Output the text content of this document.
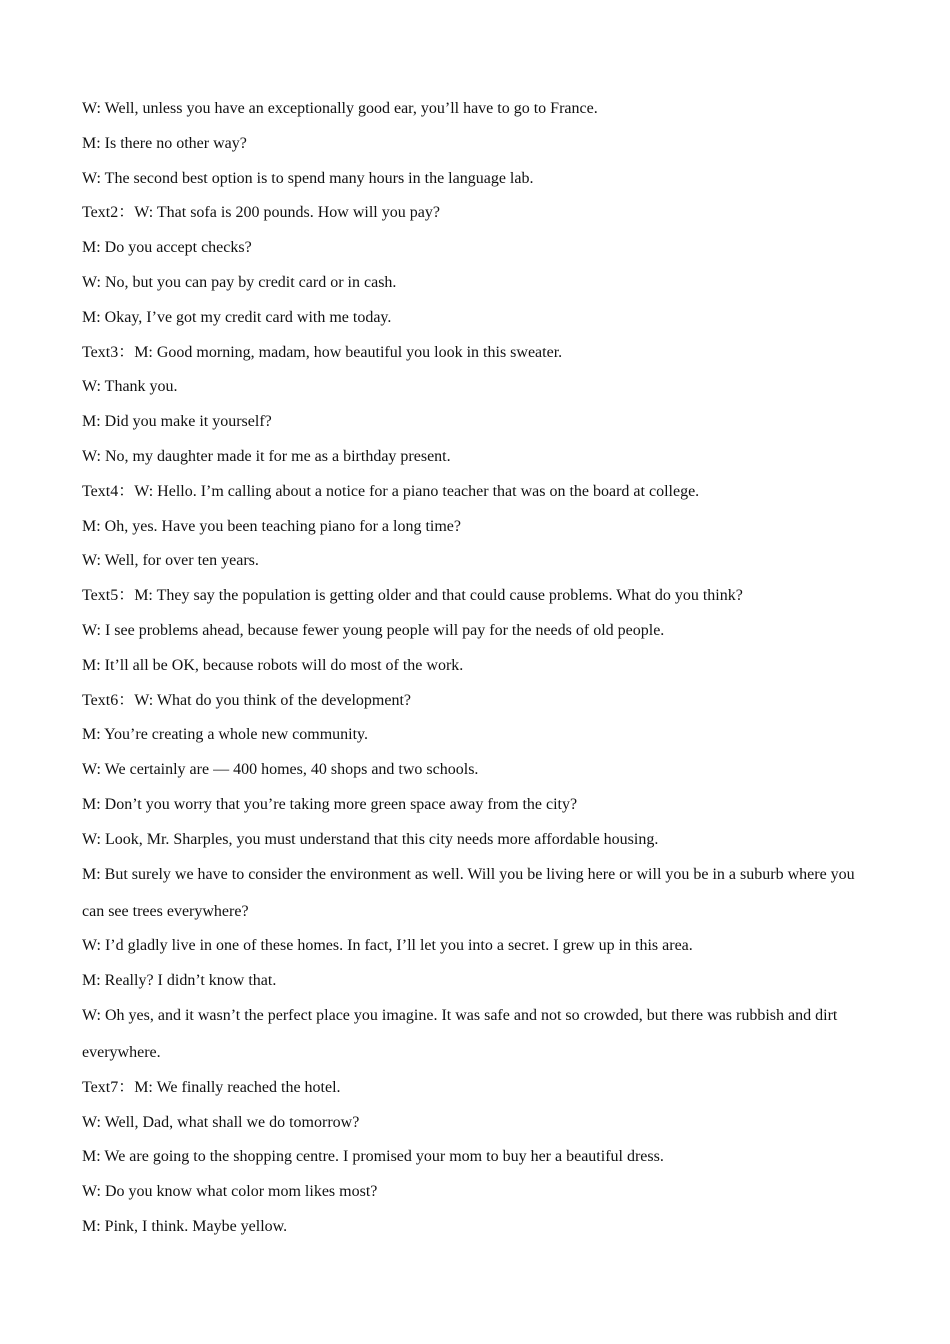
W: Well, unless you have an exceptionally good ear, you’ll have to go to France.

M: Is there no other way?

W: The second best option is to spend many hours in the language lab.

Text2：W: That sofa is 200 pounds. How will you pay?

M: Do you accept checks?

W: No, but you can pay by credit card or in cash.

M: Okay, I’ve got my credit card with me today.

Text3：M: Good morning, madam, how beautiful you look in this sweater.

W: Thank you.

M: Did you make it yourself?

W: No, my daughter made it for me as a birthday present.

Text4：W: Hello. I’m calling about a notice for a piano teacher that was on the board at college.

M: Oh, yes. Have you been teaching piano for a long time?

W: Well, for over ten years.

Text5：M: They say the population is getting older and that could cause problems. What do you think?

W: I see problems ahead, because fewer young people will pay for the needs of old people.

M: It’ll all be OK, because robots will do most of the work.

Text6：W: What do you think of the development?

M: You’re creating a whole new community.

W: We certainly are — 400 homes, 40 shops and two schools.

M: Don’t you worry that you’re taking more green space away from the city?

W: Look, Mr. Sharples, you must understand that this city needs more affordable housing.

M: But surely we have to consider the environment as well. Will you be living here or will you be in a suburb where you can see trees everywhere?

W: I’d gladly live in one of these homes. In fact, I’ll let you into a secret. I grew up in this area.

M: Really? I didn’t know that.

W: Oh yes, and it wasn’t the perfect place you imagine. It was safe and not so crowded, but there was rubbish and dirt everywhere.

Text7：M: We finally reached the hotel.

W: Well, Dad, what shall we do tomorrow?

M: We are going to the shopping centre. I promised your mom to buy her a beautiful dress.

W: Do you know what color mom likes most?

M: Pink, I think. Maybe yellow.
